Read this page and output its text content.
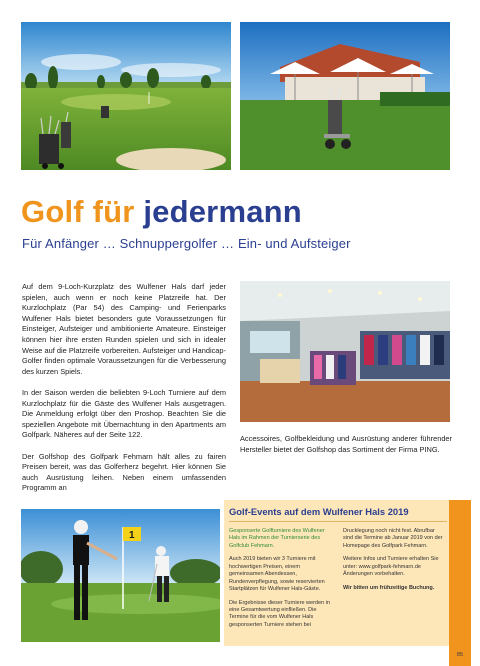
Golf für jedermann
Für Anfänger … Schnuppergolfer … Ein- und Aufsteiger

Auf dem 9-Loch-Kurzplatz des Wulfener Hals darf jeder spielen, auch wenn er noch keine Platzreife hat. Der Kurzlochplatz (Par 54) des Camping- und Ferienparks Wulfener Hals bietet besonders gute Voraussetzungen für Einsteiger, Aufsteiger und ambitionierte Amateure. Einsteiger können hier ihre ersten Runden spielen und sich in idealer Weise auf die Platzreife vorbereiten. Aufsteiger und Handicap-Golfer finden optimale Voraussetzungen für die Verbesserung des kurzen Spiels.

In der Saison werden die beliebten 9-Loch Turniere auf dem Kurzlochplatz für die Gäste des Wulfener Hals ausgetragen. Die Anmeldung erfolgt über den Proshop. Beachten Sie die speziellen Angebote mit Übernachtung in den Apartments am Golfpark. Näheres auf der Seite 122.

Der Golfshop des Golfpark Fehmarn hält alles zu fairen Preisen bereit, was das Golferherz begehrt. Hier können Sie auch Ausrüstung leihen. Neben einem umfassenden Programm an

Accessoires, Golfbekleidung und Ausrüstung anderer führender Hersteller bietet der Golfshop das Sortiment der Firma PING.
1
Golf-Events auf dem Wulfener Hals 2019

Gesponserte Golfturniere des Wulfener Hals im Rahmen der Turnierserie des Golfclub Fehmarn.

Auch 2019 bieten wir 3 Turniere mit hochwertigen Preisen, einem gemeinsamen Abendessen, Rundenverpflegung, sowie reservierten Startplätzen für Wulfener Hals-Gäste.

Die Ergebnisse dieser Turniere werden in eine Gesamtwertung einfließen. Die Termine für die vom Wulfener Hals gesponserten Turniere stehen bei

Drucklegung noch nicht fest. Abrufbar sind die Termine ab Januar 2019 von der Homepage des Golfpark Fehmarn.

Weitere Infos und Turniere erhalten Sie unter: www.golfpark-fehmarn.de Änderungen vorbehalten.

Wir bitten um frühzeitige Buchung.

85
